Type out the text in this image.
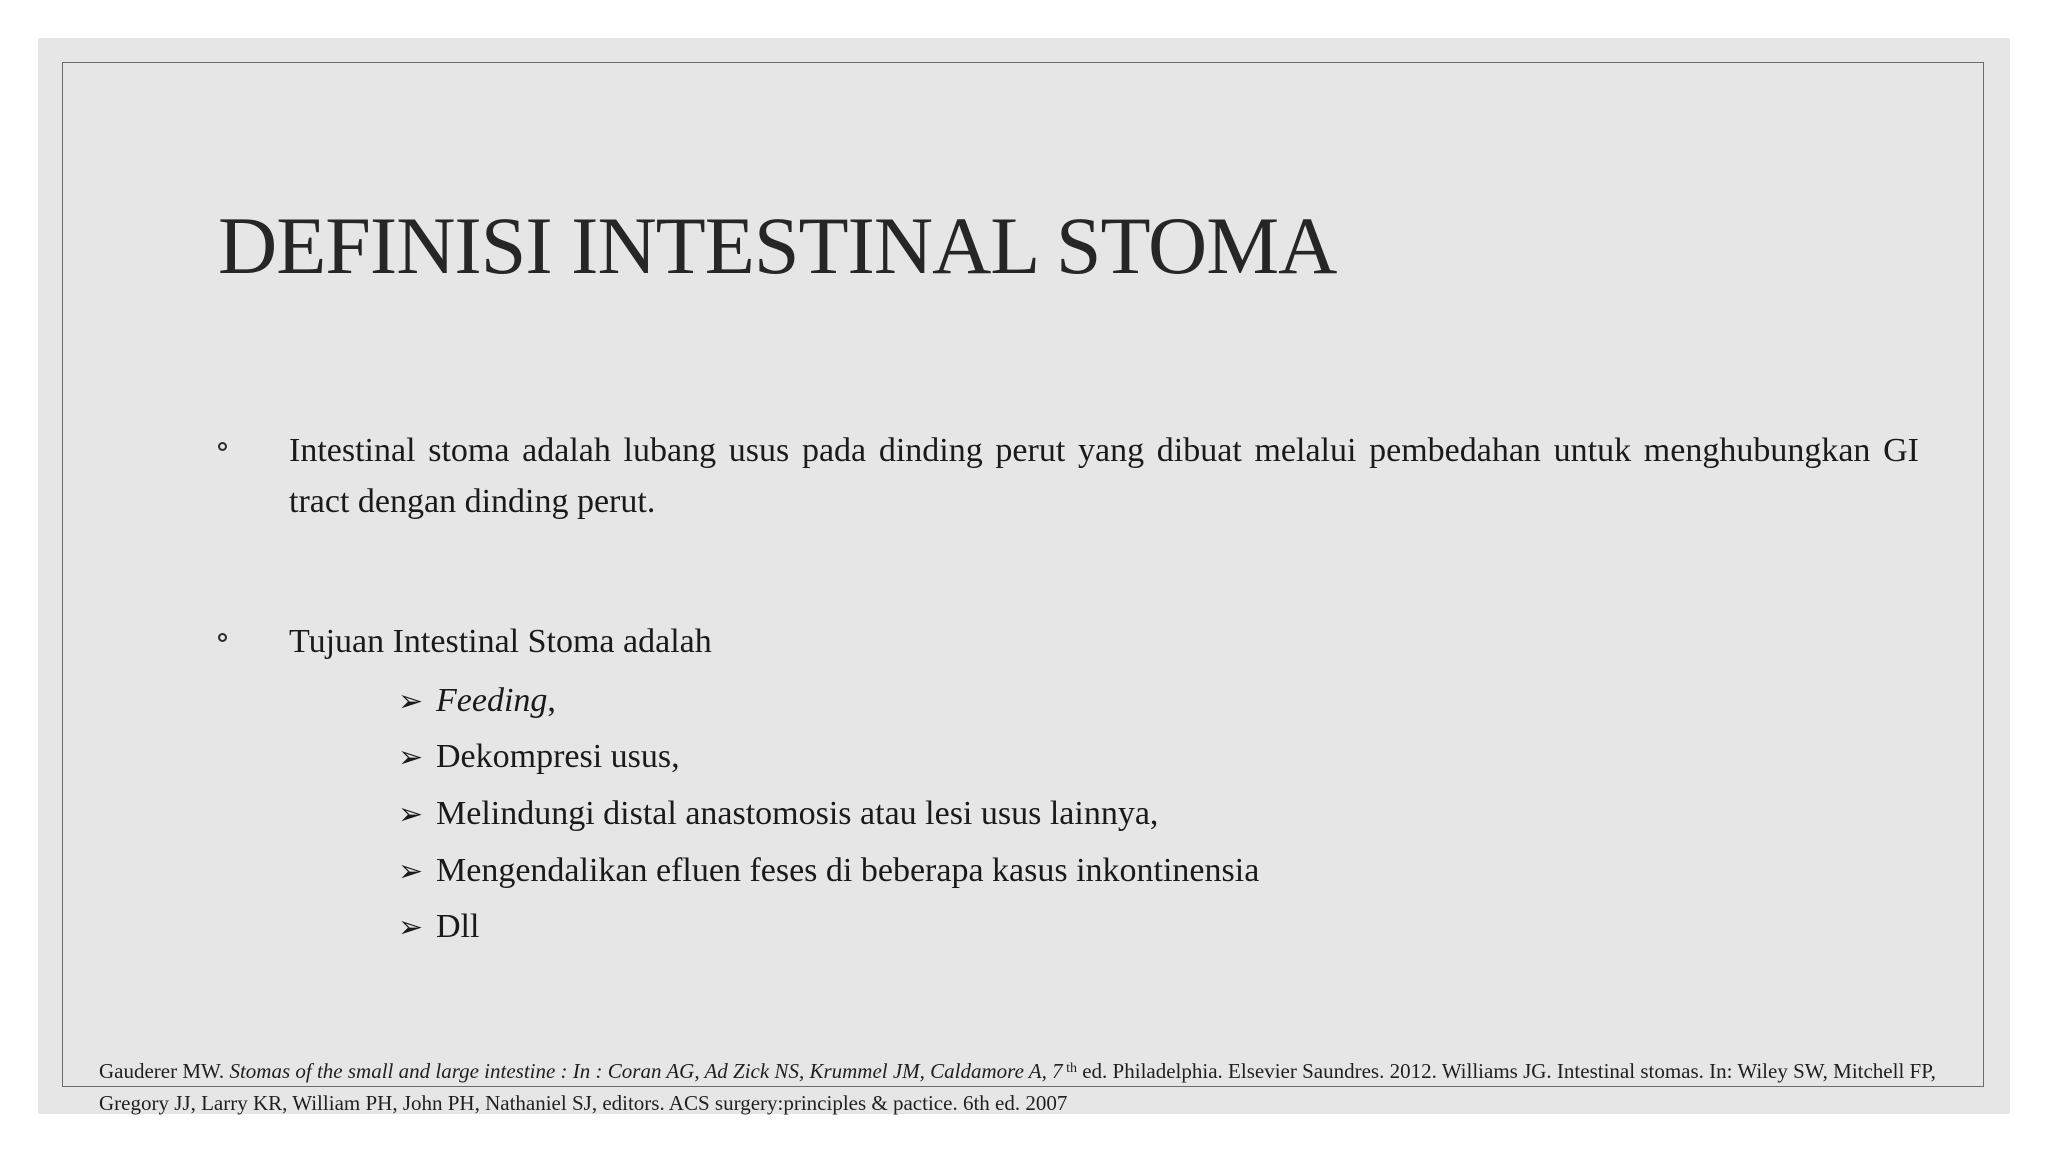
DEFINISI INTESTINAL STOMA
Intestinal stoma adalah lubang usus pada dinding perut yang dibuat melalui pembedahan untuk menghubungkan GI tract dengan dinding perut.
Tujuan Intestinal Stoma adalah
➢ Feeding,
➢ Dekompresi usus,
➢ Melindungi distal anastomosis atau lesi usus lainnya,
➢ Mengendalikan efluen feses di beberapa kasus inkontinensia
➢ Dll
Gauderer MW. Stomas of the small and large intestine : In : Coran AG, Ad Zick NS, Krummel JM, Caldamore A, 7 $^{th}$ ed. Philadelphia. Elsevier Saundres. 2012. Williams JG. Intestinal stomas. In: Wiley SW, Mitchell FP, Gregory JJ, Larry KR, William PH, John PH, Nathaniel SJ, editors. ACS surgery:principles & pactice. 6th ed. 2007
